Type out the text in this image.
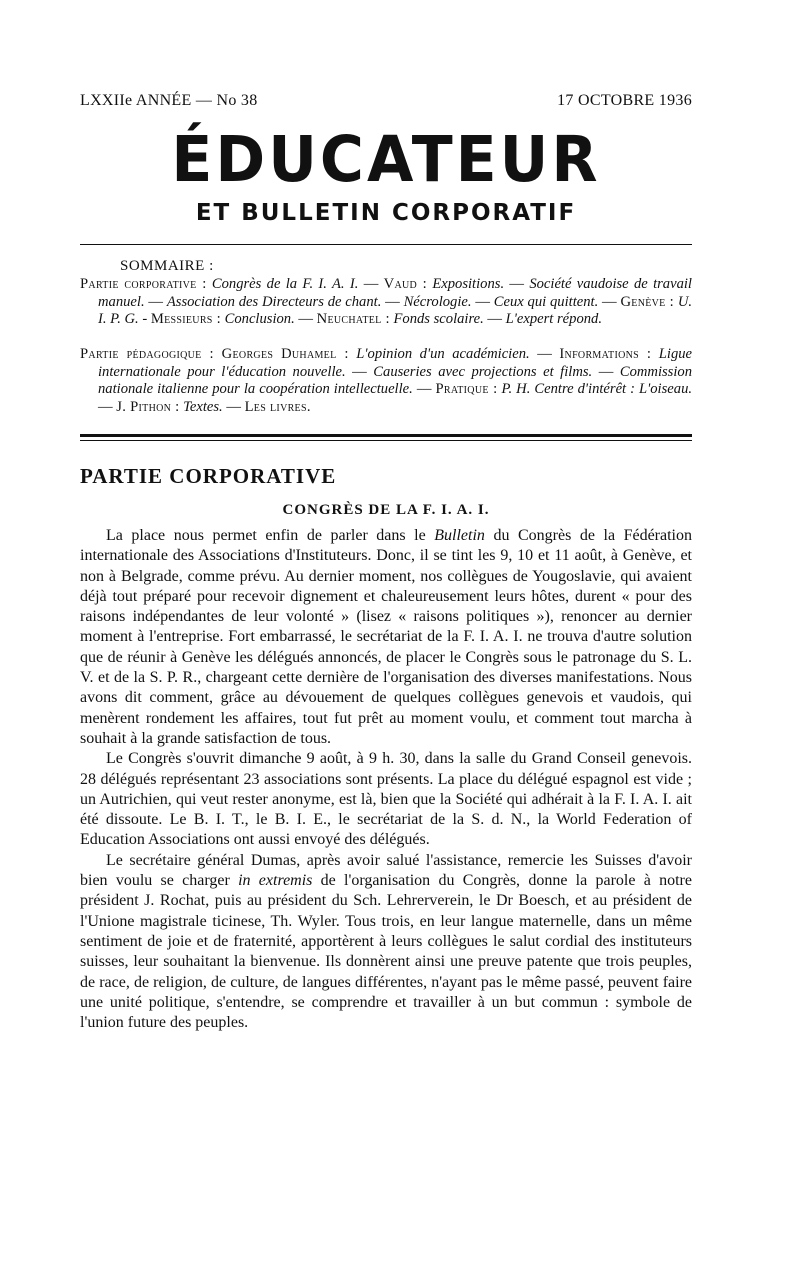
LXXIIe ANNÉE — No 38	17 OCTOBRE 1936
ÉDUCATEUR
ET BULLETIN CORPORATIF
SOMMAIRE :

Partie corporative : Congrès de la F. I. A. I. — Vaud : Expositions. — Société vaudoise de travail manuel. — Association des Directeurs de chant. — Nécrologie. — Ceux qui quittent. — Genève : U. I. P. G. - Messieurs : Conclusion. — Neuchatel : Fonds scolaire. — L'expert répond.

Partie pédagogique : Georges Duhamel : L'opinion d'un académicien. — Informations : Ligue internationale pour l'éducation nouvelle. — Causeries avec projections et films. — Commission nationale italienne pour la coopération intellectuelle. — Pratique : P. H. Centre d'intérêt : L'oiseau. — J. Pithon : Textes. — Les livres.

PARTIE CORPORATIVE
CONGRÈS DE LA F. I. A. I.

La place nous permet enfin de parler dans le Bulletin du Congrès de la Fédération internationale des Associations d'Instituteurs. Donc, il se tint les 9, 10 et 11 août, à Genève, et non à Belgrade, comme prévu. Au dernier moment, nos collègues de Yougoslavie, qui avaient déjà tout préparé pour recevoir dignement et chaleureusement leurs hôtes, durent « pour des raisons indépendantes de leur volonté » (lisez « raisons politiques »), renoncer au dernier moment à l'entreprise. Fort embarrassé, le secrétariat de la F. I. A. I. ne trouva d'autre solution que de réunir à Genève les délégués annoncés, de placer le Congrès sous le patronage du S. L. V. et de la S. P. R., chargeant cette dernière de l'organisation des diverses manifestations. Nous avons dit comment, grâce au dévouement de quelques collègues genevois et vaudois, qui menèrent rondement les affaires, tout fut prêt au moment voulu, et comment tout marcha à souhait à la grande satisfaction de tous.

Le Congrès s'ouvrit dimanche 9 août, à 9 h. 30, dans la salle du Grand Conseil genevois. 28 délégués représentant 23 associations sont présents. La place du délégué espagnol est vide ; un Autrichien, qui veut rester anonyme, est là, bien que la Société qui adhérait à la F. I. A. I. ait été dissoute. Le B. I. T., le B. I. E., le secrétariat de la S. d. N., la World Federation of Education Associations ont aussi envoyé des délégués.

Le secrétaire général Dumas, après avoir salué l'assistance, remercie les Suisses d'avoir bien voulu se charger in extremis de l'organisation du Congrès, donne la parole à notre président J. Rochat, puis au président du Sch. Lehrerverein, le Dr Boesch, et au président de l'Unione magistrale ticinese, Th. Wyler. Tous trois, en leur langue maternelle, dans un même sentiment de joie et de fraternité, apportèrent à leurs collègues le salut cordial des instituteurs suisses, leur souhaitant la bienvenue. Ils donnèrent ainsi une preuve patente que trois peuples, de race, de religion, de culture, de langues différentes, n'ayant pas le même passé, peuvent faire une unité politique, s'entendre, se comprendre et travailler à un but commun : symbole de l'union future des peuples.
